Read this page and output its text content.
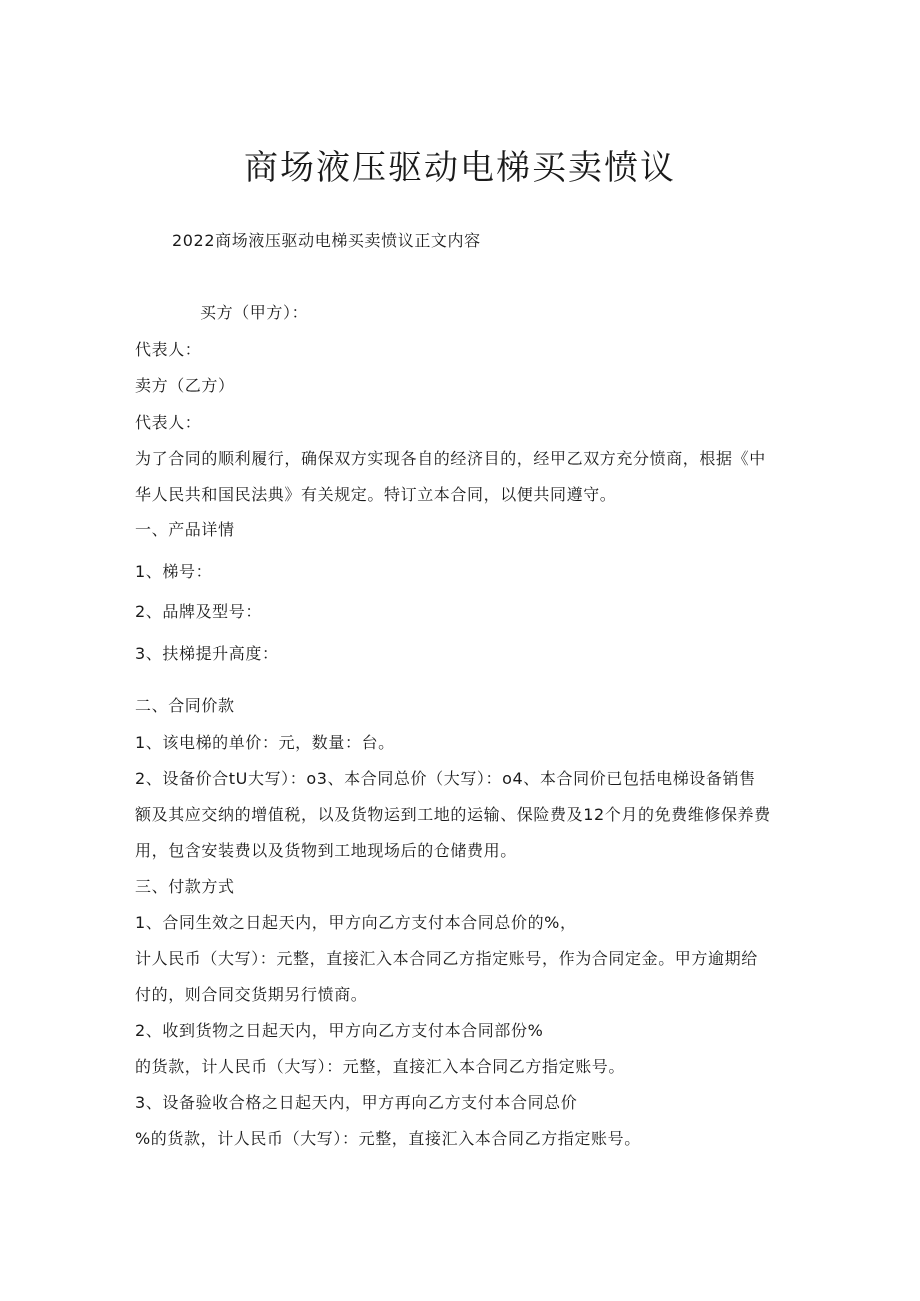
商场液压驱动电梯买卖愤议
2022商场液压驱动电梯买卖愤议正文内容
买方（甲方）：
代表人：
卖方（乙方）
代表人：
为了合同的顺利履行，确保双方实现各自的经济目的，经甲乙双方充分愤商，根据《中
华人民共和国民法典》有关规定。特订立本合同，以便共同遵守。
一、产品详情
1、梯号：
2、品牌及型号：
3、扶梯提升高度：
二、合同价款
1、该电梯的单价：元，数量：台。
2、设备价合tU大写）：o3、本合同总价（大写）：o4、本合同价已包括电梯设备销售
额及其应交纳的增值税，以及货物运到工地的运输、保险费及12个月的免费维修保养费
用，包含安装费以及货物到工地现场后的仓储费用。
三、付款方式
1、合同生效之日起天内，甲方向乙方支付本合同总价的%，
计人民币（大写）：元整，直接汇入本合同乙方指定账号，作为合同定金。甲方逾期给
付的，则合同交货期另行愤商。
2、收到货物之日起天内，甲方向乙方支付本合同部份%
的货款，计人民币（大写）：元整，直接汇入本合同乙方指定账号。
3、设备验收合格之日起天内，甲方再向乙方支付本合同总价
%的货款，计人民币（大写）：元整，直接汇入本合同乙方指定账号。
